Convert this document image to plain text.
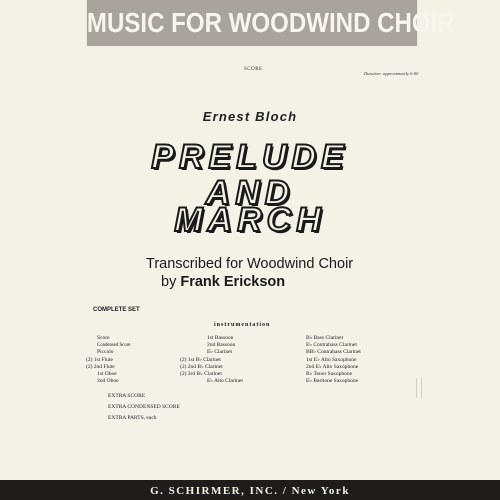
MUSIC FOR WOODWIND CHOIR
SCORE
Duration: approximately 6:00
Ernest Bloch
PRELUDE
AND
MARCH
Transcribed for Woodwind Choir
by Frank Erickson
COMPLETE SET
instrumentation
Score
Condensed Score
Piccolo
(2) 1st Flute
(2) 2nd Flute
1st Oboe
2nd Oboe
1st Bassoon
2nd Bassoon
E♭ Clarinet
(2) 1st B♭ Clarinet
(2) 2nd B♭ Clarinet
(2) 3rd B♭ Clarinet
E♭ Alto Clarinet
B♭ Bass Clarinet
E♭ Contrabass Clarinet
BB♭ Contrabass Clarinet
1st E♭ Alto Saxophone
2nd E♭ Alto Saxophone
B♭ Tenor Saxophone
E♭ Baritone Saxophone
EXTRA SCORE
EXTRA CONDENSED SCORE
EXTRA PARTS, each
G. SCHIRMER, INC. / New York
